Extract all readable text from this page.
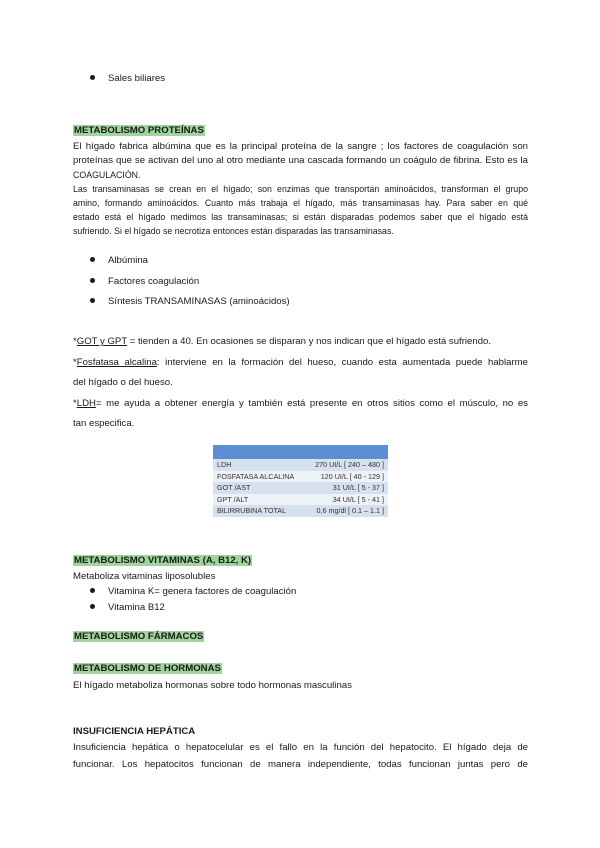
Sales biliares
METABOLISMO PROTEÍNAS
El hígado fabrica albúmina que es la principal proteína de la sangre ; los factores de coagulación son
proteínas que se activan del uno al otro mediante una cascada formando un coágulo de fibrina. Esto es la
COAGULACIÓN.
Las transaminasas se crean en el hígado; son enzimas que transportan aminoácidos, transforman el grupo
amino, formando aminoácidos. Cuanto más trabaja el hígado, más transaminasas hay. Para saber en qué
estado está el hígado medimos las transaminasas; si están disparadas podemos saber que el hígado está
sufriendo. Si el hígado se necrotiza entonces están disparadas las transaminasas.
Albúmina
Factores coagulación
Síntesis TRANSAMINASAS (aminoácidos)
*GOT y GPT = tienden a 40. En ocasiones se disparan y nos indican que el hígado está sufriendo.
*Fosfatasa alcalina: interviene en la formación del hueso, cuando esta aumentada puede hablarme
del hígado o del hueso.
*LDH= me ayuda a obtener energía y también está presente en otros sitios como el músculo, no es
tan especifica.

LDH	270 UI/L [ 240 – 480 ]
FOSFATASA ALCALINA	120 UI/L [ 40 - 129 ]
GOT /AST	31 UI/L [ 5 - 37 ]
GPT /ALT	34 UI/L [ 5 - 41 ]
BILIRRUBINA TOTAL	0,6 mg/dl [ 0.1 – 1.1 ]
METABOLISMO VITAMINAS (A, B12, K)
Metaboliza vitaminas liposolubles
Vitamina K= genera factores de coagulación
Vitamina B12
METABOLISMO FÁRMACOS
METABOLISMO DE HORMONAS
El hígado metaboliza hormonas sobre todo hormonas masculinas
INSUFICIENCIA HEPÁTICA
Insuficiencia hepática o hepatocelular es el fallo en la función del hepatocito. El hígado deja de
funcionar. Los hepatocitos funcionan de manera independiente, todas funcionan juntas pero de
